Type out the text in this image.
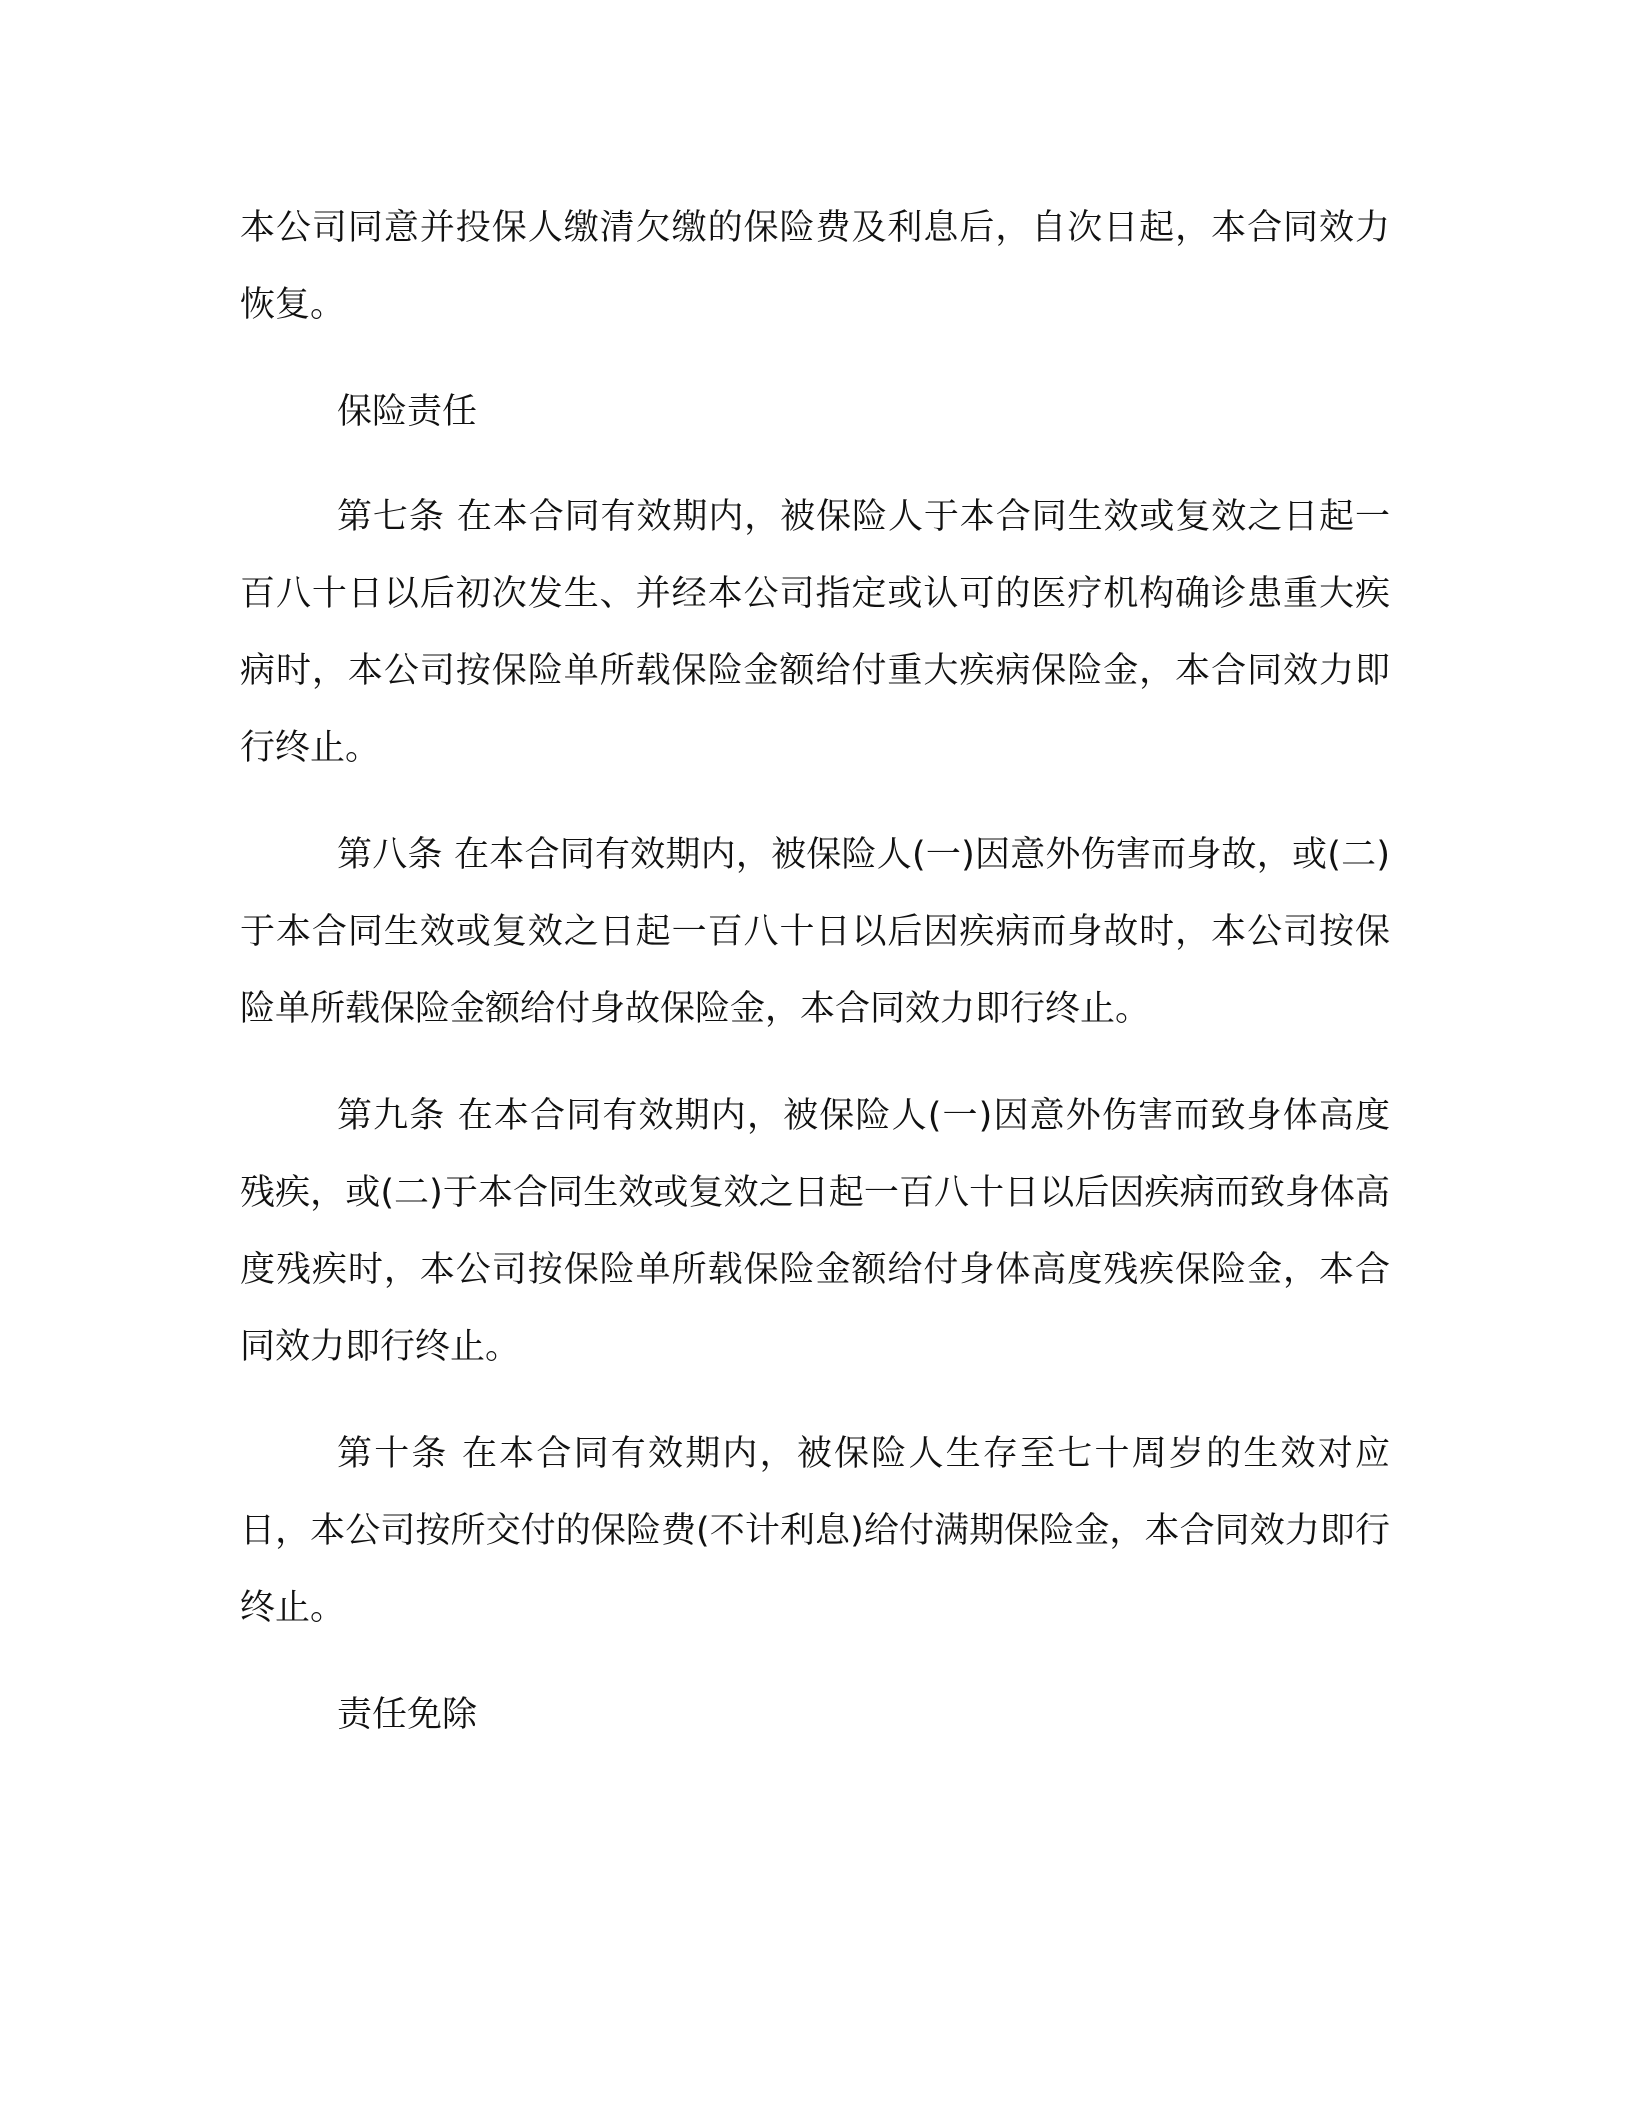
本公司同意并投保人缴清欠缴的保险费及利息后，自次日起，本合同效力恢复。

保险责任

第七条 在本合同有效期内，被保险人于本合同生效或复效之日起一百八十日以后初次发生、并经本公司指定或认可的医疗机构确诊患重大疾病时，本公司按保险单所载保险金额给付重大疾病保险金，本合同效力即行终止。

第八条 在本合同有效期内，被保险人(一)因意外伤害而身故，或(二)于本合同生效或复效之日起一百八十日以后因疾病而身故时，本公司按保险单所载保险金额给付身故保险金，本合同效力即行终止。

第九条 在本合同有效期内，被保险人(一)因意外伤害而致身体高度残疾，或(二)于本合同生效或复效之日起一百八十日以后因疾病而致身体高度残疾时，本公司按保险单所载保险金额给付身体高度残疾保险金，本合同效力即行终止。

第十条 在本合同有效期内，被保险人生存至七十周岁的生效对应日，本公司按所交付的保险费(不计利息)给付满期保险金，本合同效力即行终止。

责任免除
